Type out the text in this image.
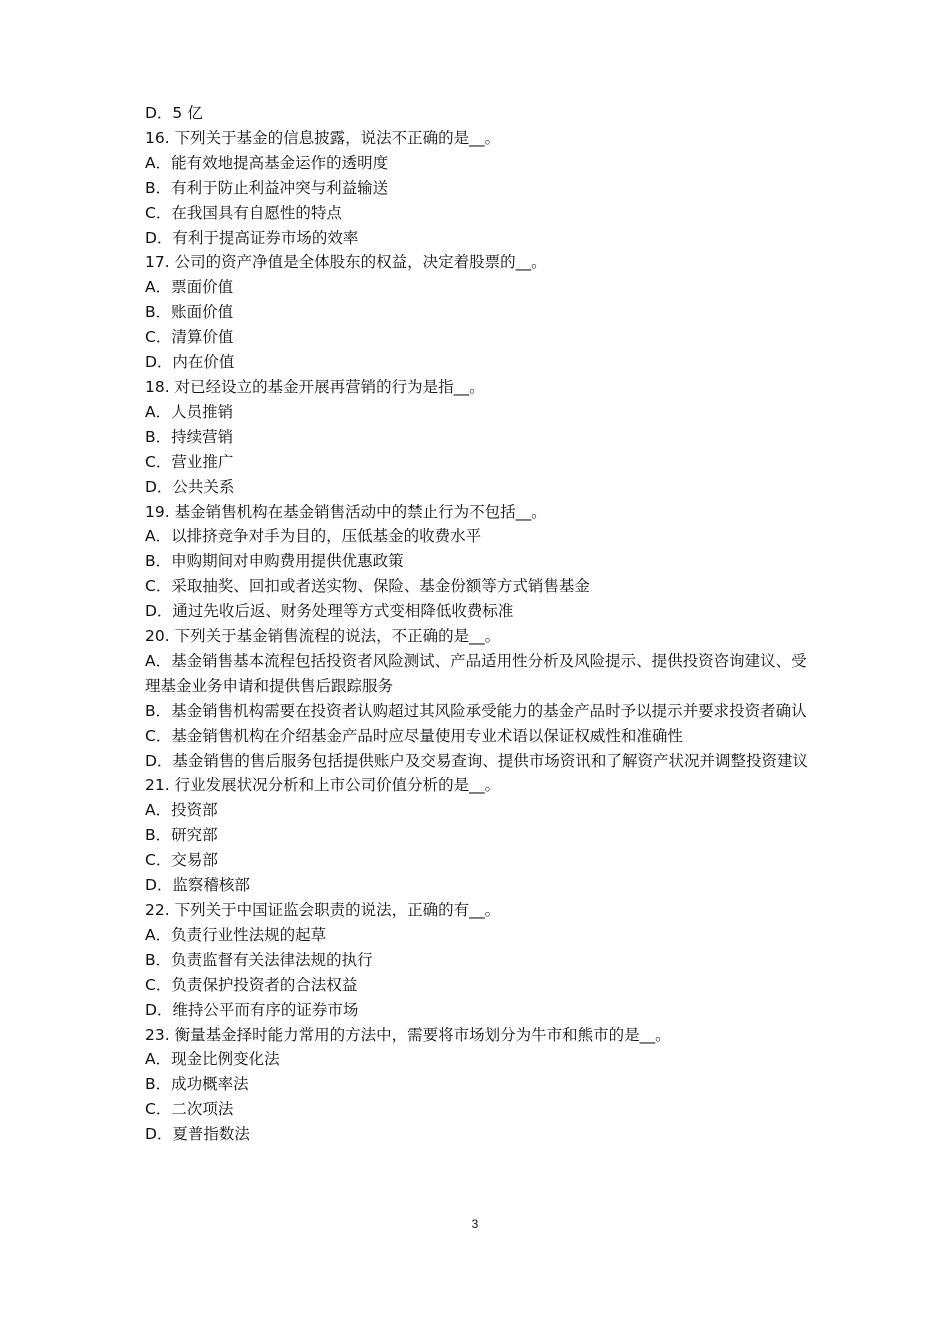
D．5 亿
16. 下列关于基金的信息披露，说法不正确的是__。
A．能有效地提高基金运作的透明度
B．有利于防止利益冲突与利益输送
C．在我国具有自愿性的特点
D．有利于提高证券市场的效率
17. 公司的资产净值是全体股东的权益，决定着股票的__。
A．票面价值
B．账面价值
C．清算价值
D．内在价值
18. 对已经设立的基金开展再营销的行为是指__。
A．人员推销
B．持续营销
C．营业推广
D．公共关系
19. 基金销售机构在基金销售活动中的禁止行为不包括__。
A．以排挤竞争对手为目的，压低基金的收费水平
B．申购期间对申购费用提供优惠政策
C．采取抽奖、回扣或者送实物、保险、基金份额等方式销售基金
D．通过先收后返、财务处理等方式变相降低收费标准
20. 下列关于基金销售流程的说法，不正确的是__。
A．基金销售基本流程包括投资者风险测试、产品适用性分析及风险提示、提供投资咨询建议、受理基金业务申请和提供售后跟踪服务
B．基金销售机构需要在投资者认购超过其风险承受能力的基金产品时予以提示并要求投资者确认
C．基金销售机构在介绍基金产品时应尽量使用专业术语以保证权威性和准确性
D．基金销售的售后服务包括提供账户及交易查询、提供市场资讯和了解资产状况并调整投资建议
21. 行业发展状况分析和上市公司价值分析的是__。
A．投资部
B．研究部
C．交易部
D．监察稽核部
22. 下列关于中国证监会职责的说法，正确的有__。
A．负责行业性法规的起草
B．负责监督有关法律法规的执行
C．负责保护投资者的合法权益
D．维持公平而有序的证券市场
23. 衡量基金择时能力常用的方法中，需要将市场划分为牛市和熊市的是__。
A．现金比例变化法
B．成功概率法
C．二次项法
D．夏普指数法
3
